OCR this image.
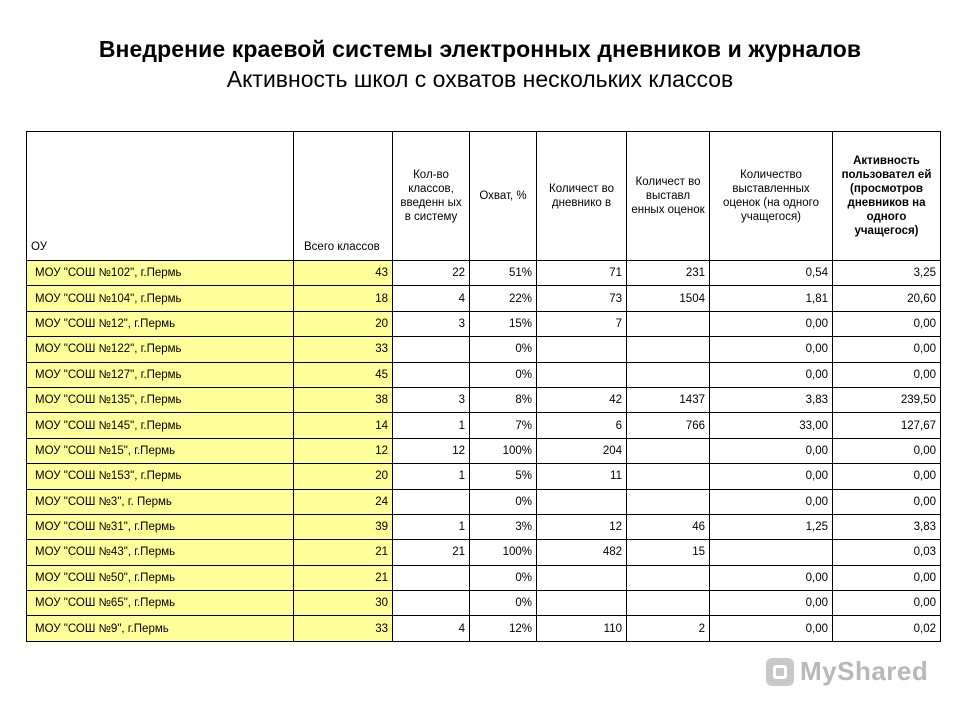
Внедрение краевой системы электронных дневников и журналов
Активность школ с охватов нескольких классов
ОУ	Всего классов	Кол-во классов, введенн ых в систему	Охват, %	Количест во дневнико в	Количест во выставл енных оценок	Количество выставленных оценок (на одного учащегося)	Активность пользовател ей (просмотров дневников на одного учащегося)
МОУ "СОШ №102", г.Пермь	43	22	51%	71	231	0,54	3,25
МОУ "СОШ №104", г.Пермь	18	4	22%	73	1504	1,81	20,60
МОУ "СОШ №12", г.Пермь	20	3	15%	7		0,00	0,00
МОУ "СОШ №122", г.Пермь	33		0%			0,00	0,00
МОУ "СОШ №127", г.Пермь	45		0%			0,00	0,00
МОУ "СОШ №135", г.Пермь	38	3	8%	42	1437	3,83	239,50
МОУ "СОШ №145", г.Пермь	14	1	7%	6	766	33,00	127,67
МОУ "СОШ №15", г.Пермь	12	12	100%	204		0,00	0,00
МОУ "СОШ №153", г.Пермь	20	1	5%	11		0,00	0,00
МОУ "СОШ №3", г. Пермь	24		0%			0,00	0,00
МОУ "СОШ №31", г.Пермь	39	1	3%	12	46	1,25	3,83
МОУ "СОШ №43", г.Пермь	21	21	100%	482	15		0,03
МОУ "СОШ №50", г.Пермь	21		0%			0,00	0,00
МОУ "СОШ №65", г.Пермь	30		0%			0,00	0,00
МОУ "СОШ №9", г.Пермь	33	4	12%	110	2	0,00	0,02
MyShared
